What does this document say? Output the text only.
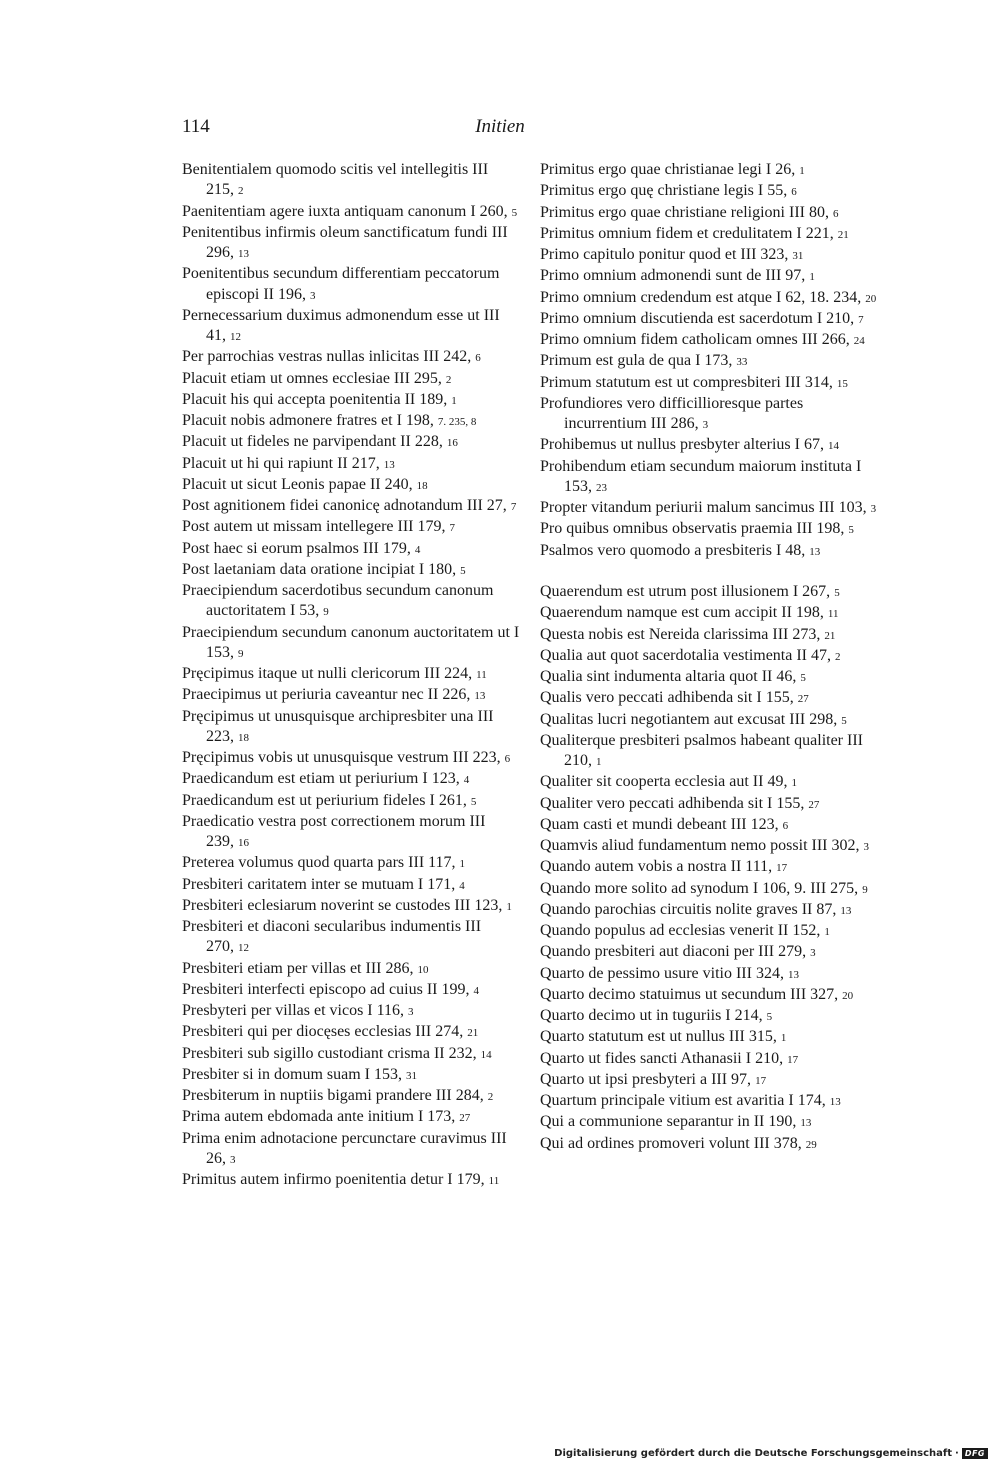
114	Initien

Benitentialem quomodo scitis vel intellegitis III 215, 2

Paenitentiam agere iuxta antiquam canonum I 260, 5

Penitentibus infirmis oleum sanctificatum fundi III 296, 13

Poenitentibus secundum differentiam peccatorum episcopi II 196, 3

Pernecessarium duximus admonendum esse ut III 41, 12

Per parrochias vestras nullas inlicitas III 242, 6

Placuit etiam ut omnes ecclesiae III 295, 2

Placuit his qui accepta poenitentia II 189, 1

Placuit nobis admonere fratres et I 198, 7. 235, 8

Placuit ut fideles ne parvipendant II 228, 16

Placuit ut hi qui rapiunt II 217, 13

Placuit ut sicut Leonis papae II 240, 18

Post agnitionem fidei canonicę adnotandum III 27, 7

Post autem ut missam intellegere III 179, 7

Post haec si eorum psalmos III 179, 4

Post laetaniam data oratione incipiat I 180, 5

Praecipiendum sacerdotibus secundum canonum auctoritatem I 53, 9

Praecipiendum secundum canonum auctoritatem ut I 153, 9

Pręcipimus itaque ut nulli clericorum III 224, 11

Praecipimus ut periuria caveantur nec II 226, 13

Pręcipimus ut unusquisque archipresbiter una III 223, 18

Pręcipimus vobis ut unusquisque vestrum III 223, 6

Praedicandum est etiam ut periurium I 123, 4

Praedicandum est ut periurium fideles I 261, 5

Praedicatio vestra post correctionem morum III 239, 16

Preterea volumus quod quarta pars III 117, 1

Presbiteri caritatem inter se mutuam I 171, 4

Presbiteri eclesiarum noverint se custodes III 123, 1

Presbiteri et diaconi secularibus indumentis III 270, 12

Presbiteri etiam per villas et III 286, 10

Presbiteri interfecti episcopo ad cuius II 199, 4

Presbyteri per villas et vicos I 116, 3

Presbiteri qui per diocęses ecclesias III 274, 21

Presbiteri sub sigillo custodiant crisma II 232, 14

Presbiter si in domum suam I 153, 31

Presbiterum in nuptiis bigami prandere III 284, 2

Prima autem ebdomada ante initium I 173, 27

Prima enim adnotacione percunctare curavimus III 26, 3

Primitus autem infirmo poenitentia detur I 179, 11

Primitus ergo quae christianae legi I 26, 1

Primitus ergo quę christiane legis I 55, 6

Primitus ergo quae christiane religioni III 80, 6

Primitus omnium fidem et credulitatem I 221, 21

Primo capitulo ponitur quod et III 323, 31

Primo omnium admonendi sunt de III 97, 1

Primo omnium credendum est atque I 62, 18. 234, 20

Primo omnium discutienda est sacerdotum I 210, 7

Primo omnium fidem catholicam omnes III 266, 24

Primum est gula de qua I 173, 33

Primum statutum est ut compresbiteri III 314, 15

Profundiores vero difficillioresque partes incurrentium III 286, 3

Prohibemus ut nullus presbyter alterius I 67, 14

Prohibendum etiam secundum maiorum instituta I 153, 23

Propter vitandum periurii malum sancimus III 103, 3

Pro quibus omnibus observatis praemia III 198, 5

Psalmos vero quomodo a presbiteris I 48, 13

Quaerendum est utrum post illusionem I 267, 5

Quaerendum namque est cum accipit II 198, 11

Questa nobis est Nereida clarissima III 273, 21

Qualia aut quot sacerdotalia vestimenta II 47, 2

Qualia sint indumenta altaria quot II 46, 5

Qualis vero peccati adhibenda sit I 155, 27

Qualitas lucri negotiantem aut excusat III 298, 5

Qualiterque presbiteri psalmos habeant qualiter III 210, 1

Qualiter sit cooperta ecclesia aut II 49, 1

Qualiter vero peccati adhibenda sit I 155, 27

Quam casti et mundi debeant III 123, 6

Quamvis aliud fundamentum nemo possit III 302, 3

Quando autem vobis a nostra II 111, 17

Quando more solito ad synodum I 106, 9. III 275, 9

Quando parochias circuitis nolite graves II 87, 13

Quando populus ad ecclesias venerit II 152, 1

Quando presbiteri aut diaconi per III 279, 3

Quarto de pessimo usure vitio III 324, 13

Quarto decimo statuimus ut secundum III 327, 20

Quarto decimo ut in tuguriis I 214, 5

Quarto statutum est ut nullus III 315, 1

Quarto ut fides sancti Athanasii I 210, 17

Quarto ut ipsi presbyteri a III 97, 17

Quartum principale vitium est avaritia I 174, 13

Qui a communione separantur in II 190, 13

Qui ad ordines promoveri volunt III 378, 29

Digitalisierung gefördert durch die Deutsche Forschungsgemeinschaft · DFG
